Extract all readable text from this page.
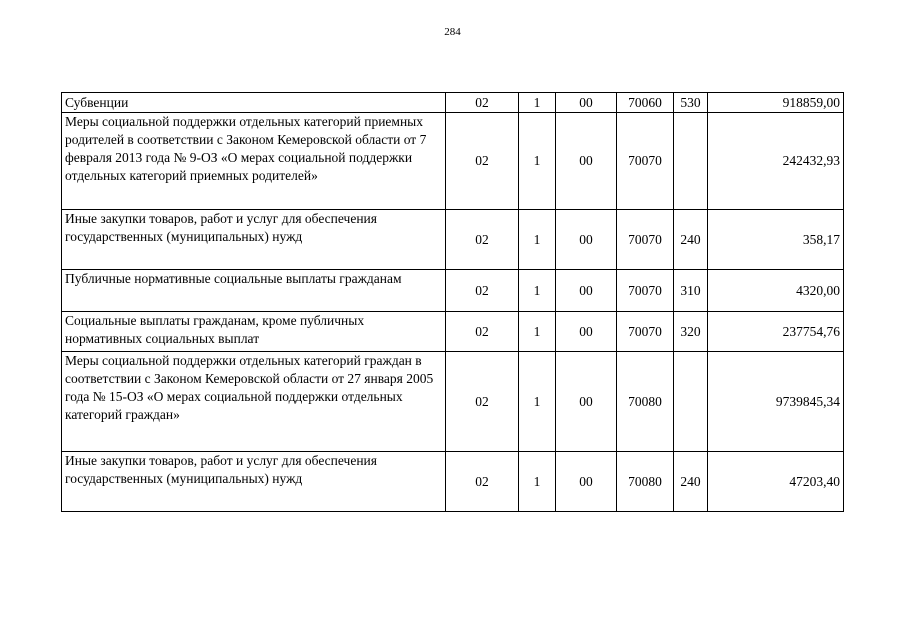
284
Субвенции	02	1	00	70060	530	918859,00
Меры социальной поддержки отдельных категорий приемных родителей в соответствии с Законом Кемеровской области от 7 февраля 2013 года № 9-ОЗ «О мерах социальной поддержки отдельных категорий приемных родителей»	02	1	00	70070		242432,93
Иные закупки товаров, работ и услуг для обеспечения государственных (муниципальных) нужд	02	1	00	70070	240	358,17
Публичные нормативные социальные выплаты гражданам	02	1	00	70070	310	4320,00
Социальные выплаты гражданам, кроме публичных нормативных социальных выплат	02	1	00	70070	320	237754,76
Меры социальной поддержки отдельных категорий граждан в соответствии с Законом Кемеровской области от 27 января 2005 года № 15-ОЗ «О мерах социальной поддержки отдельных категорий граждан»	02	1	00	70080		9739845,34
Иные закупки товаров, работ и услуг для обеспечения государственных (муниципальных) нужд	02	1	00	70080	240	47203,40
